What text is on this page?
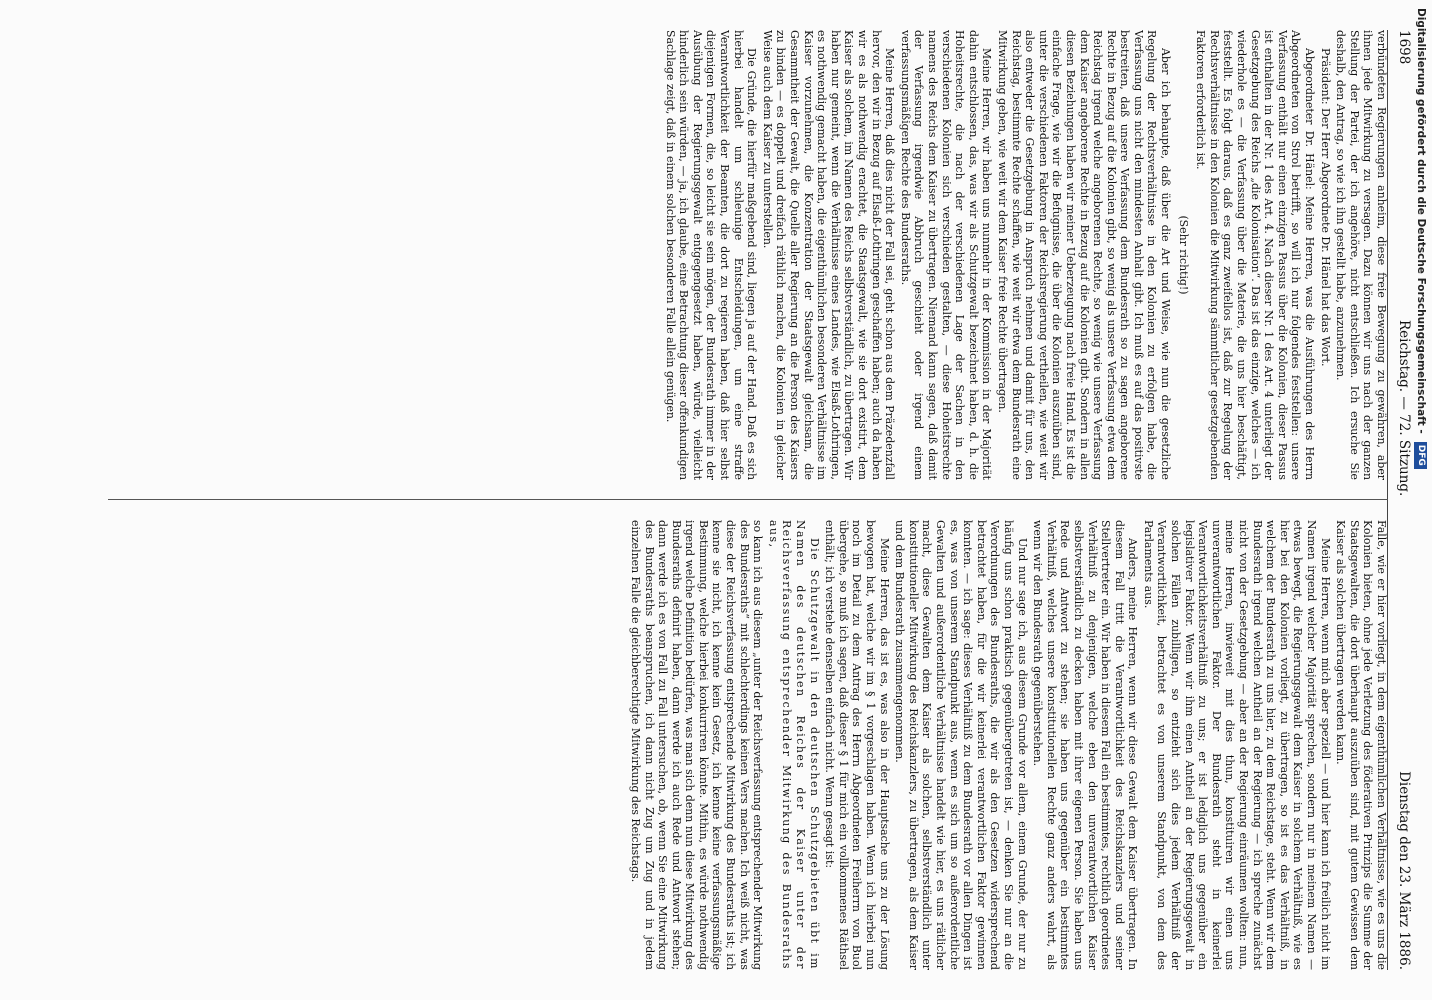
1698
Reichstag. — 72. Sitzung.
Dienstag den 23. März 1886.

verbündeten Regierungen anheim, diese freie Bewegung zu gewähren, aber ihnen jede Mitwirkung zu versagen. Dazu können wir uns nach der ganzen Stellung der Partei, der ich angehöre, nicht entschließen. Ich ersuche Sie deshalb, den Antrag, so wie ich ihn gestellt habe, anzunehmen.

Präsident: Der Herr Abgeordnete Dr. Hänel hat das Wort.

Abgeordneter Dr. Hänel: Meine Herren, was die Ausführungen des Herrn Abgeordneten von Strol betrifft, so will ich nur folgendes feststellen: unsere Verfassung enthält nur einen einzigen Passus über die Kolonien, dieser Passus ist enthalten in der Nr. 1 des Art. 4. Nach dieser Nr. 1 des Art. 4 unterliegt der Gesetzgebung des Reichs „die Kolonisation“. Das ist das einzige, welches — ich wiederhole es — die Verfassung über die Materie, die uns hier beschäftigt, feststellt. Es folgt daraus, daß es ganz zweifellos ist, daß zur Regelung der Rechtsverhältnisse in den Kolonien die Mitwirkung sämmtlicher gesetzgebenden Faktoren erforderlich ist.

(Sehr richtig!)

Aber ich behaupte, daß über die Art und Weise, wie nun die gesetzliche Regelung der Rechtsverhältnisse in den Kolonien zu erfolgen habe, die Verfassung uns nicht den mindesten Anhalt gibt. Ich muß es auf das positivste bestreiten, daß unsere Verfassung dem Bundesrath so zu sagen angeborene Rechte in Bezug auf die Kolonien gibt, so wenig als unsere Verfassung etwa dem Reichstag irgend welche angeborenen Rechte, so wenig wie unsere Verfassung dem Kaiser angeborene Rechte in Bezug auf die Kolonien gibt. Sondern in allen diesen Beziehungen haben wir meiner Ueberzeugung nach freie Hand. Es ist die einfache Frage, wie wir die Befugnisse, die über die Kolonien auszuüben sind, unter die verschiedenen Faktoren der Reichsregierung vertheilen, wie weit wir also entweder die Gesetzgebung in Anspruch nehmen und damit für uns, den Reichstag, bestimmte Rechte schaffen, wie weit wir etwa dem Bundesrath eine Mitwirkung geben, wie weit wir dem Kaiser freie Rechte übertragen.

Meine Herren, wir haben uns nunmehr in der Kommission in der Majorität dahin entschlossen, das, was wir als Schutzgewalt bezeichnet haben, d. h. die Hoheitsrechte, die nach der verschiedenen Lage der Sachen in den verschiedenen Kolonien sich verschieden gestalten, — diese Hoheitsrechte namens des Reichs dem Kaiser zu übertragen. Niemand kann sagen, daß damit der Verfassung irgendwie Abbruch geschieht oder irgend einem verfassungsmäßigen Rechte des Bundesraths.

Meine Herren, daß dies nicht der Fall sei, geht schon aus dem Präzedenzfall hervor, den wir in Bezug auf Elsaß-Lothringen geschaffen haben; auch da haben wir es als nothwendig erachtet, die Staatsgewalt, wie sie dort existirt, dem Kaiser als solchem, im Namen des Reichs selbstverständlich, zu übertragen. Wir haben nur gemeint, wenn die Verhältnisse eines Landes, wie Elsaß-Lothringen, es nothwendig gemacht haben, die eigenthümlichen besonderen Verhältnisse im Kaiser vorzunehmen, die Konzentration der Staatsgewalt gleichsam, die Gesammtheit der Gewalt, die Quelle aller Regierung an die Person des Kaisers zu binden — es doppelt und dreifach räthlich machen, die Kolonien in gleicher Weise auch dem Kaiser zu unterstellen.

Die Gründe, die hierfür maßgebend sind, liegen ja auf der Hand. Daß es sich hierbei handelt um schleunige Entscheidungen, um eine straffe Verantwortlichkeit der Beamten, die dort zu regieren haben, daß hier selbst diejenigen Formen, die, so leicht sie sein mögen, der Bundesrath immer in der Ausübung der Regierungsgewalt entgegengesetzt haben, würde, vielleicht hinderlich sein würden, — ja, ich glaube, eine Betrachtung dieser offenkundigen Sachlage zeigt, daß in einem solchen besonderen Falle allein genügen.

Falle, wie er hier vorliegt, in dem eigenthümlichen Verhältnisse, wie es uns die Kolonien bieten, ohne jede Verletzung des föderativen Prinzips die Summe der Staatsgewalten, die dort überhaupt auszuüben sind, mit gutem Gewissen dem Kaiser als solchen übertragen werden kann.

Meine Herren, wenn mich aber speziell — und hier kann ich freilich nicht im Namen irgend welcher Majorität sprechen, sondern nur in meinem Namen — etwas bewegt, die Regierungsgewalt dem Kaiser in solchem Verhältniß, wie es hier bei den Kolonien vorliegt, zu übertragen, so ist es das Verhältniß, in welchem der Bundesrath zu uns hier, zu dem Reichstage, steht. Wenn wir dem Bundesrath irgend welchen Antheil an der Regierung — ich spreche zunächst nicht von der Gesetzgebung — aber an der Regierung einräumen wollten: nun, meine Herren, inwieweit mit dies thun, konstituiren wir einen uns unverantwortlichen Faktor. Der Bundesrath steht in keinerlei Verantwortlichkeitsverhältniß zu uns; er ist lediglich uns gegenüber ein legislativer Faktor. Wenn wir ihm einen Antheil an der Regierungsgewalt in solchen Fällen zubilligen, so entzieht sich dies jedem Verhältniß der Verantwortlichkeit, betrachtet es von unserem Standpunkt, von dem des Parlaments aus.

Anders, meine Herren, wenn wir diese Gewalt dem Kaiser übertragen. In diesem Fall tritt die Verantwortlichkeit des Reichskanzlers und seiner Stellvertreter ein. Wir haben in diesem Fall ein bestimmtes, rechtlich geordnetes Verhältniß zu denjenigen, welche eben den unverantwortlichen Kaiser selbstverständlich zu decken haben mit ihrer eigenen Person. Sie haben uns Rede und Antwort zu stehen; sie haben uns gegenüber ein bestimmtes Verhältniß, welches unsere konstitutionellen Rechte ganz anders wahrt, als wenn wir den Bundesrath gegenüberstehen.

Und nur sage ich, aus diesem Grunde vor allem, einem Grunde, der nur zu häufig uns schon praktisch gegenübergetreten ist, — denken Sie nur an die Verordnungen des Bundesraths, die wir als den Gesetzen widersprechend betrachtet haben, für die wir keinerlei verantwortlichen Faktor gewinnen konnten. — ich sage: dieses Verhältniß zu dem Bundesrath vor allen Dingen ist es, was von unserem Standpunkt aus, wenn es sich um so außerordentliche Gewalten und außerordentliche Verhältnisse handelt wie hier, es uns rätlicher macht, diese Gewalten dem Kaiser als solchen, selbstverständlich unter konstitutioneller Mitwirkung des Reichskanzlers, zu übertragen, als dem Kaiser und dem Bundesrath zusammengenommen.

Meine Herren, das ist es, was also in der Hauptsache uns zu der Lösung bewogen hat, welche wir im § 1 vorgeschlagen haben. Wenn ich hierbei nun noch im Detail zu dem Antrag des Herrn Abgeordneten Freiherrn von Buol übergehe, so muß ich sagen, daß dieser § 1 für mich ein vollkommenes Räthsel enthält; ich verstehe denselben einfach nicht. Wenn gesagt ist:

Die Schutzgewalt in den deutschen Schutzgebieten übt im Namen des deutschen Reiches der Kaiser unter der Reichsverfassung entsprechender Mitwirkung des Bundesraths aus,

so kann ich aus diesem „unter der Reichsverfassung entsprechender Mitwirkung des Bundesraths“ mit schlechterdings keinen Vers machen. Ich weiß nicht, was diese der Reichsverfassung entsprechende Mitwirkung des Bundesraths ist; ich kenne sie nicht, ich kenne kein Gesetz, ich kenne keine verfassungsmäßige Bestimmung, welche hierbei konkurriren könnte. Mithin, es würde nothwendig irgend welche Definition bedürfen, was man sich denn nun diese Mitwirkung des Bundesraths definirt haben, dann werde ich auch Rede und Antwort stehen; dann werde ich es von Fall zu Fall untersuchen, ob, wenn Sie eine Mitwirkung des Bundesraths beanspruchen, ich dann nicht Zug um Zug und in jedem einzelnen Falle die gleichberechtigte Mitwirkung des Reichstags.

Digitalisierung gefördert durch die Deutsche Forschungsgemeinschaft -DFG
